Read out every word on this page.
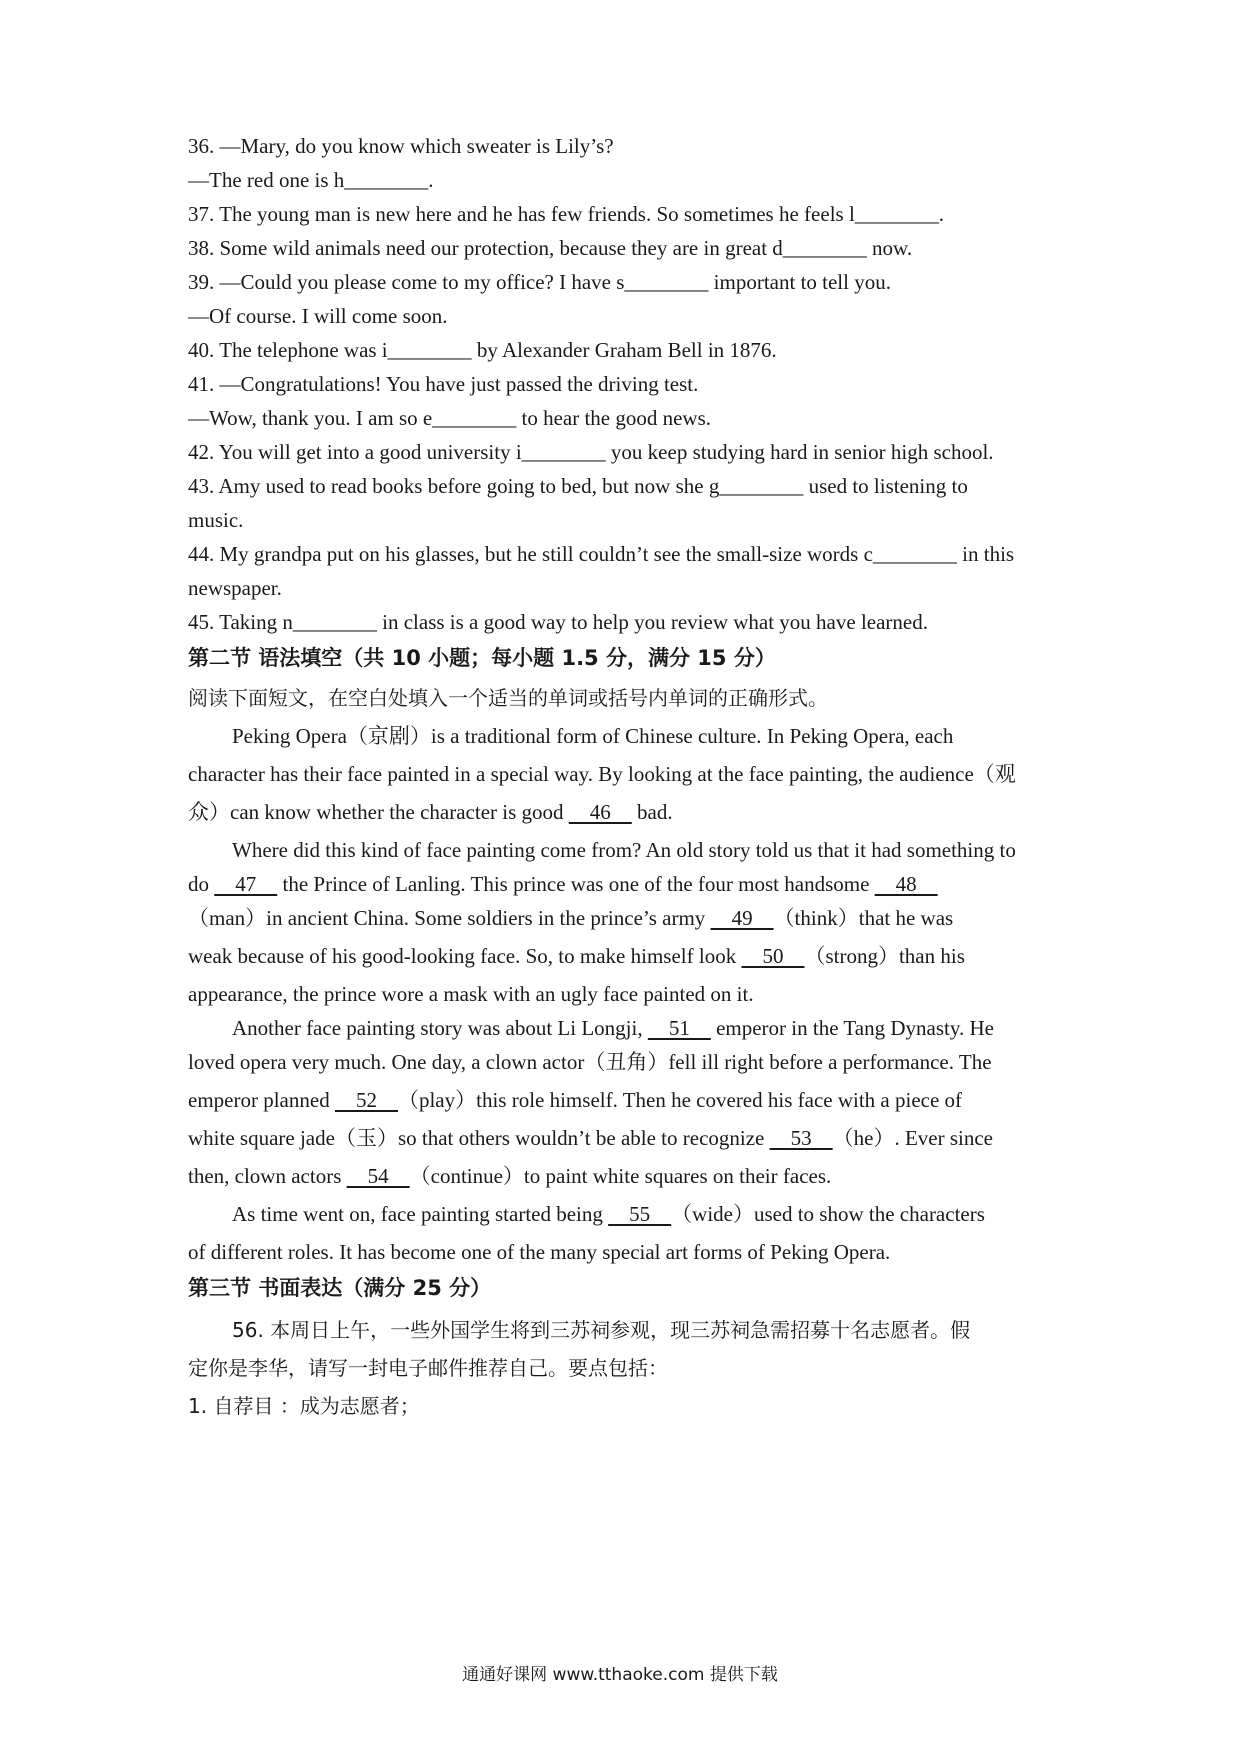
36. —Mary, do you know which sweater is Lily’s?
—The red one is h________.
37. The young man is new here and he has few friends. So sometimes he feels l________.
38. Some wild animals need our protection, because they are in great d________ now.
39. —Could you please come to my office? I have s________ important to tell you.
—Of course. I will come soon.
40. The telephone was i________ by Alexander Graham Bell in 1876.
41. —Congratulations! You have just passed the driving test.
—Wow, thank you. I am so e________ to hear the good news.
42. You will get into a good university i________ you keep studying hard in senior high school.
43. Amy used to read books before going to bed, but now she g________ used to listening to
music.
44. My grandpa put on his glasses, but he still couldn’t see the small-size words c________ in this
newspaper.
45. Taking n________ in class is a good way to help you review what you have learned.
第二节 语法填空（共 10 小题；每小题 1.5 分，满分 15 分）
阅读下面短文，在空白处填入一个适当的单词或括号内单词的正确形式。
Peking Opera（京剧）is a traditional form of Chinese culture. In Peking Opera, each
character has their face painted in a special way. By looking at the face painting, the audience（观
众）can know whether the character is good     46     bad.
Where did this kind of face painting come from? An old story told us that it had something to
do     47     the Prince of Lanling. This prince was one of the four most handsome     48
（man）in ancient China. Some soldiers in the prince’s army     49    （think）that he was
weak because of his good-looking face. So, to make himself look     50    （strong）than his
appearance, the prince wore a mask with an ugly face painted on it.
Another face painting story was about Li Longji,     51     emperor in the Tang Dynasty. He
loved opera very much. One day, a clown actor（丑角）fell ill right before a performance. The
emperor planned     52    （play）this role himself. Then he covered his face with a piece of
white square jade（玉）so that others wouldn’t be able to recognize     53    （he）. Ever since
then, clown actors     54    （continue）to paint white squares on their faces.
As time went on, face painting started being     55    （wide）used to show the characters
of different roles. It has become one of the many special art forms of Peking Opera.
第三节 书面表达（满分 25 分）
56. 本周日上午，一些外国学生将到三苏祠参观，现三苏祠急需招募十名志愿者。假
定你是李华，请写一封电子邮件推荐自己。要点包括：
1. 自荐目 ：成为志愿者；
通通好课网 www.tthaoke.com 提供下载
